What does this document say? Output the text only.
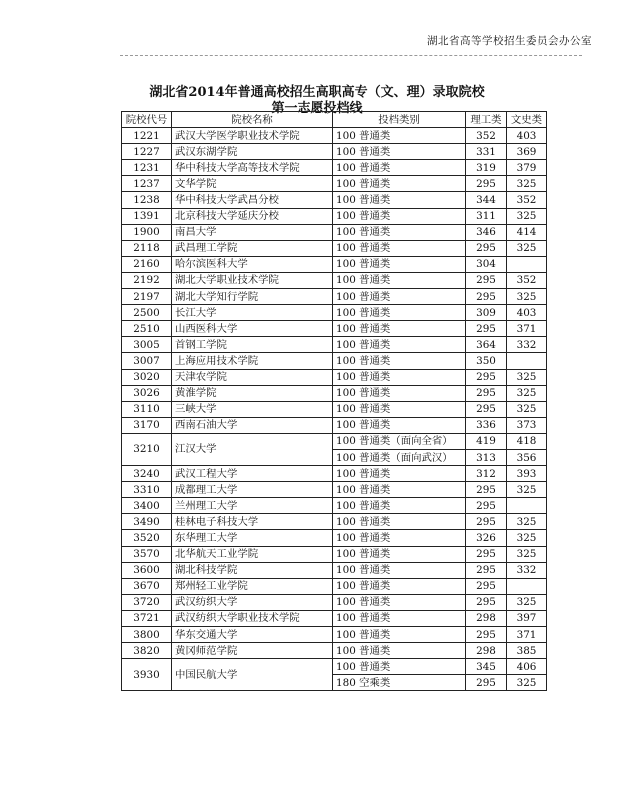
湖北省高等学校招生委员会办公室
湖北省2014年普通高校招生高职高专（文、理）录取院校
第一志愿投档线
院校代号	院校名称	投档类别	理工类	文史类
1221	武汉大学医学职业技术学院	100 普通类	352	403
1227	武汉东湖学院	100 普通类	331	369
1231	华中科技大学高等技术学院	100 普通类	319	379
1237	文华学院	100 普通类	295	325
1238	华中科技大学武昌分校	100 普通类	344	352
1391	北京科技大学延庆分校	100 普通类	311	325
1900	南昌大学	100 普通类	346	414
2118	武昌理工学院	100 普通类	295	325
2160	哈尔滨医科大学	100 普通类	304	
2192	湖北大学职业技术学院	100 普通类	295	352
2197	湖北大学知行学院	100 普通类	295	325
2500	长江大学	100 普通类	309	403
2510	山西医科大学	100 普通类	295	371
3005	首钢工学院	100 普通类	364	332
3007	上海应用技术学院	100 普通类	350	
3020	天津农学院	100 普通类	295	325
3026	黄淮学院	100 普通类	295	325
3110	三峡大学	100 普通类	295	325
3170	西南石油大学	100 普通类	336	373
3210	江汉大学	100 普通类（面向全省）	419	418
		100 普通类（面向武汉）	313	356
3240	武汉工程大学	100 普通类	312	393
3310	成都理工大学	100 普通类	295	325
3400	兰州理工大学	100 普通类	295	
3490	桂林电子科技大学	100 普通类	295	325
3520	东华理工大学	100 普通类	326	325
3570	北华航天工业学院	100 普通类	295	325
3600	湖北科技学院	100 普通类	295	332
3670	郑州轻工业学院	100 普通类	295	
3720	武汉纺织大学	100 普通类	295	325
3721	武汉纺织大学职业技术学院	100 普通类	298	397
3800	华东交通大学	100 普通类	295	371
3820	黄冈师范学院	100 普通类	298	385
3930	中国民航大学	100 普通类	345	406
		180 空乘类	295	325
